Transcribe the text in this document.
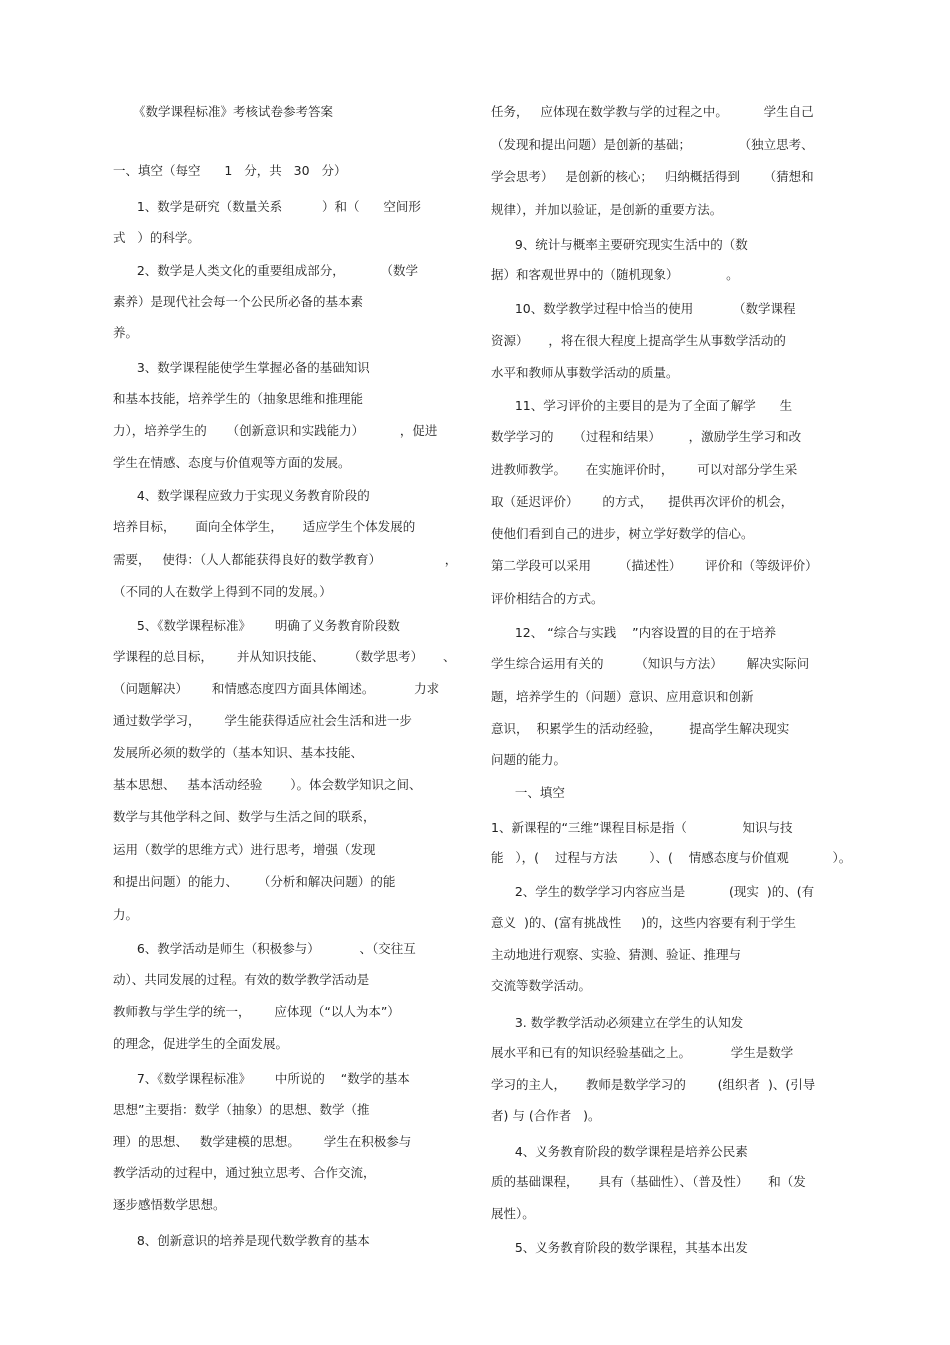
《数学课程标准》考核试卷参考答案
一、填空（每空      1   分，共   30   分）
1、数学是研究（数量关系          ）和（      空间形
式   ）的科学。
2、数学是人类文化的重要组成部分，         （数学
素养）是现代社会每一个公民所必备的基本素
养。
3、数学课程能使学生掌握必备的基础知识
和基本技能，培养学生的（抽象思维和推理能
力），培养学生的     （创新意识和实践能力）         ，促进
学生在情感、态度与价值观等方面的发展。
4、数学课程应致力于实现义务教育阶段的
培养目标，     面向全体学生，     适应学生个体发展的
需要，   使得：（人人都能获得良好的数学教育）                ，
（不同的人在数学上得到不同的发展。）
5、《数学课程标准》      明确了义务教育阶段数
学课程的总目标，      并从知识技能、      （数学思考）     、
（问题解决）      和情感态度四方面具体阐述。          力求
通过数学学习，      学生能获得适应社会生活和进一步
发展所必须的数学的（基本知识、基本技能、
基本思想、   基本活动经验       ）。体会数学知识之间、
数学与其他学科之间、数学与生活之间的联系，
运用（数学的思维方式）进行思考，增强（发现
和提出问题）的能力、     （分析和解决问题）的能
力。
6、教学活动是师生（积极参与）          、（交往互
动）、共同发展的过程。有效的数学教学活动是
教师教与学生学的统一，      应体现（“以人为本”）
的理念，促进学生的全面发展。
7、《数学课程标准》      中所说的    “数学的基本
思想”主要指：数学（抽象）的思想、数学（推
理）的思想、   数学建模的思想。      学生在积极参与
教学活动的过程中，通过独立思考、合作交流，
逐步感悟数学思想。
8、创新意识的培养是现代数学教育的基本
任务，   应体现在数学教与学的过程之中。         学生自己
（发现和提出问题）是创新的基础；            （独立思考、
学会思考）   是创新的核心；   归纳概括得到      （猜想和
规律），并加以验证，是创新的重要方法。
9、统计与概率主要研究现实生活中的（数
据）和客观世界中的（随机现象）            。
10、数学教学过程中恰当的使用          （数学课程
资源）     ，将在很大程度上提高学生从事数学活动的
水平和教师从事数学活动的质量。
11、学习评价的主要目的是为了全面了解学      生
数学学习的     （过程和结果）       ，激励学生学习和改
进教师教学。     在实施评价时，      可以对部分学生采
取（延迟评价）      的方式，    提供再次评价的机会，
使他们看到自己的进步，树立学好数学的信心。
第二学段可以采用       （描述性）      评价和（等级评价）
评价相结合的方式。
12、 “综合与实践    ”内容设置的目的在于培养
学生综合运用有关的        （知识与方法）      解决实际问
题，培养学生的（问题）意识、应用意识和创新
意识，  积累学生的活动经验，       提高学生解决现实
问题的能力。
一、填空
1、新课程的“三维”课程目标是指（              知识与技
能   ），(    过程与方法        ）、(    情感态度与价值观           ）。
2、学生的数学学习内容应当是           (现实  )的、(有
意义  )的、(富有挑战性     )的，这些内容要有利于学生
主动地进行观察、实验、猜测、验证、推理与
交流等数学活动。
3. 数学教学活动必须建立在学生的认知发
展水平和已有的知识经验基础之上。          学生是数学
学习的主人，     教师是数学学习的        (组织者  )、(引导
者) 与 (合作者   )。
4、义务教育阶段的数学课程是培养公民素
质的基础课程，     具有（基础性）、（普及性）     和（发
展性）。
5、义务教育阶段的数学课程，其基本出发
